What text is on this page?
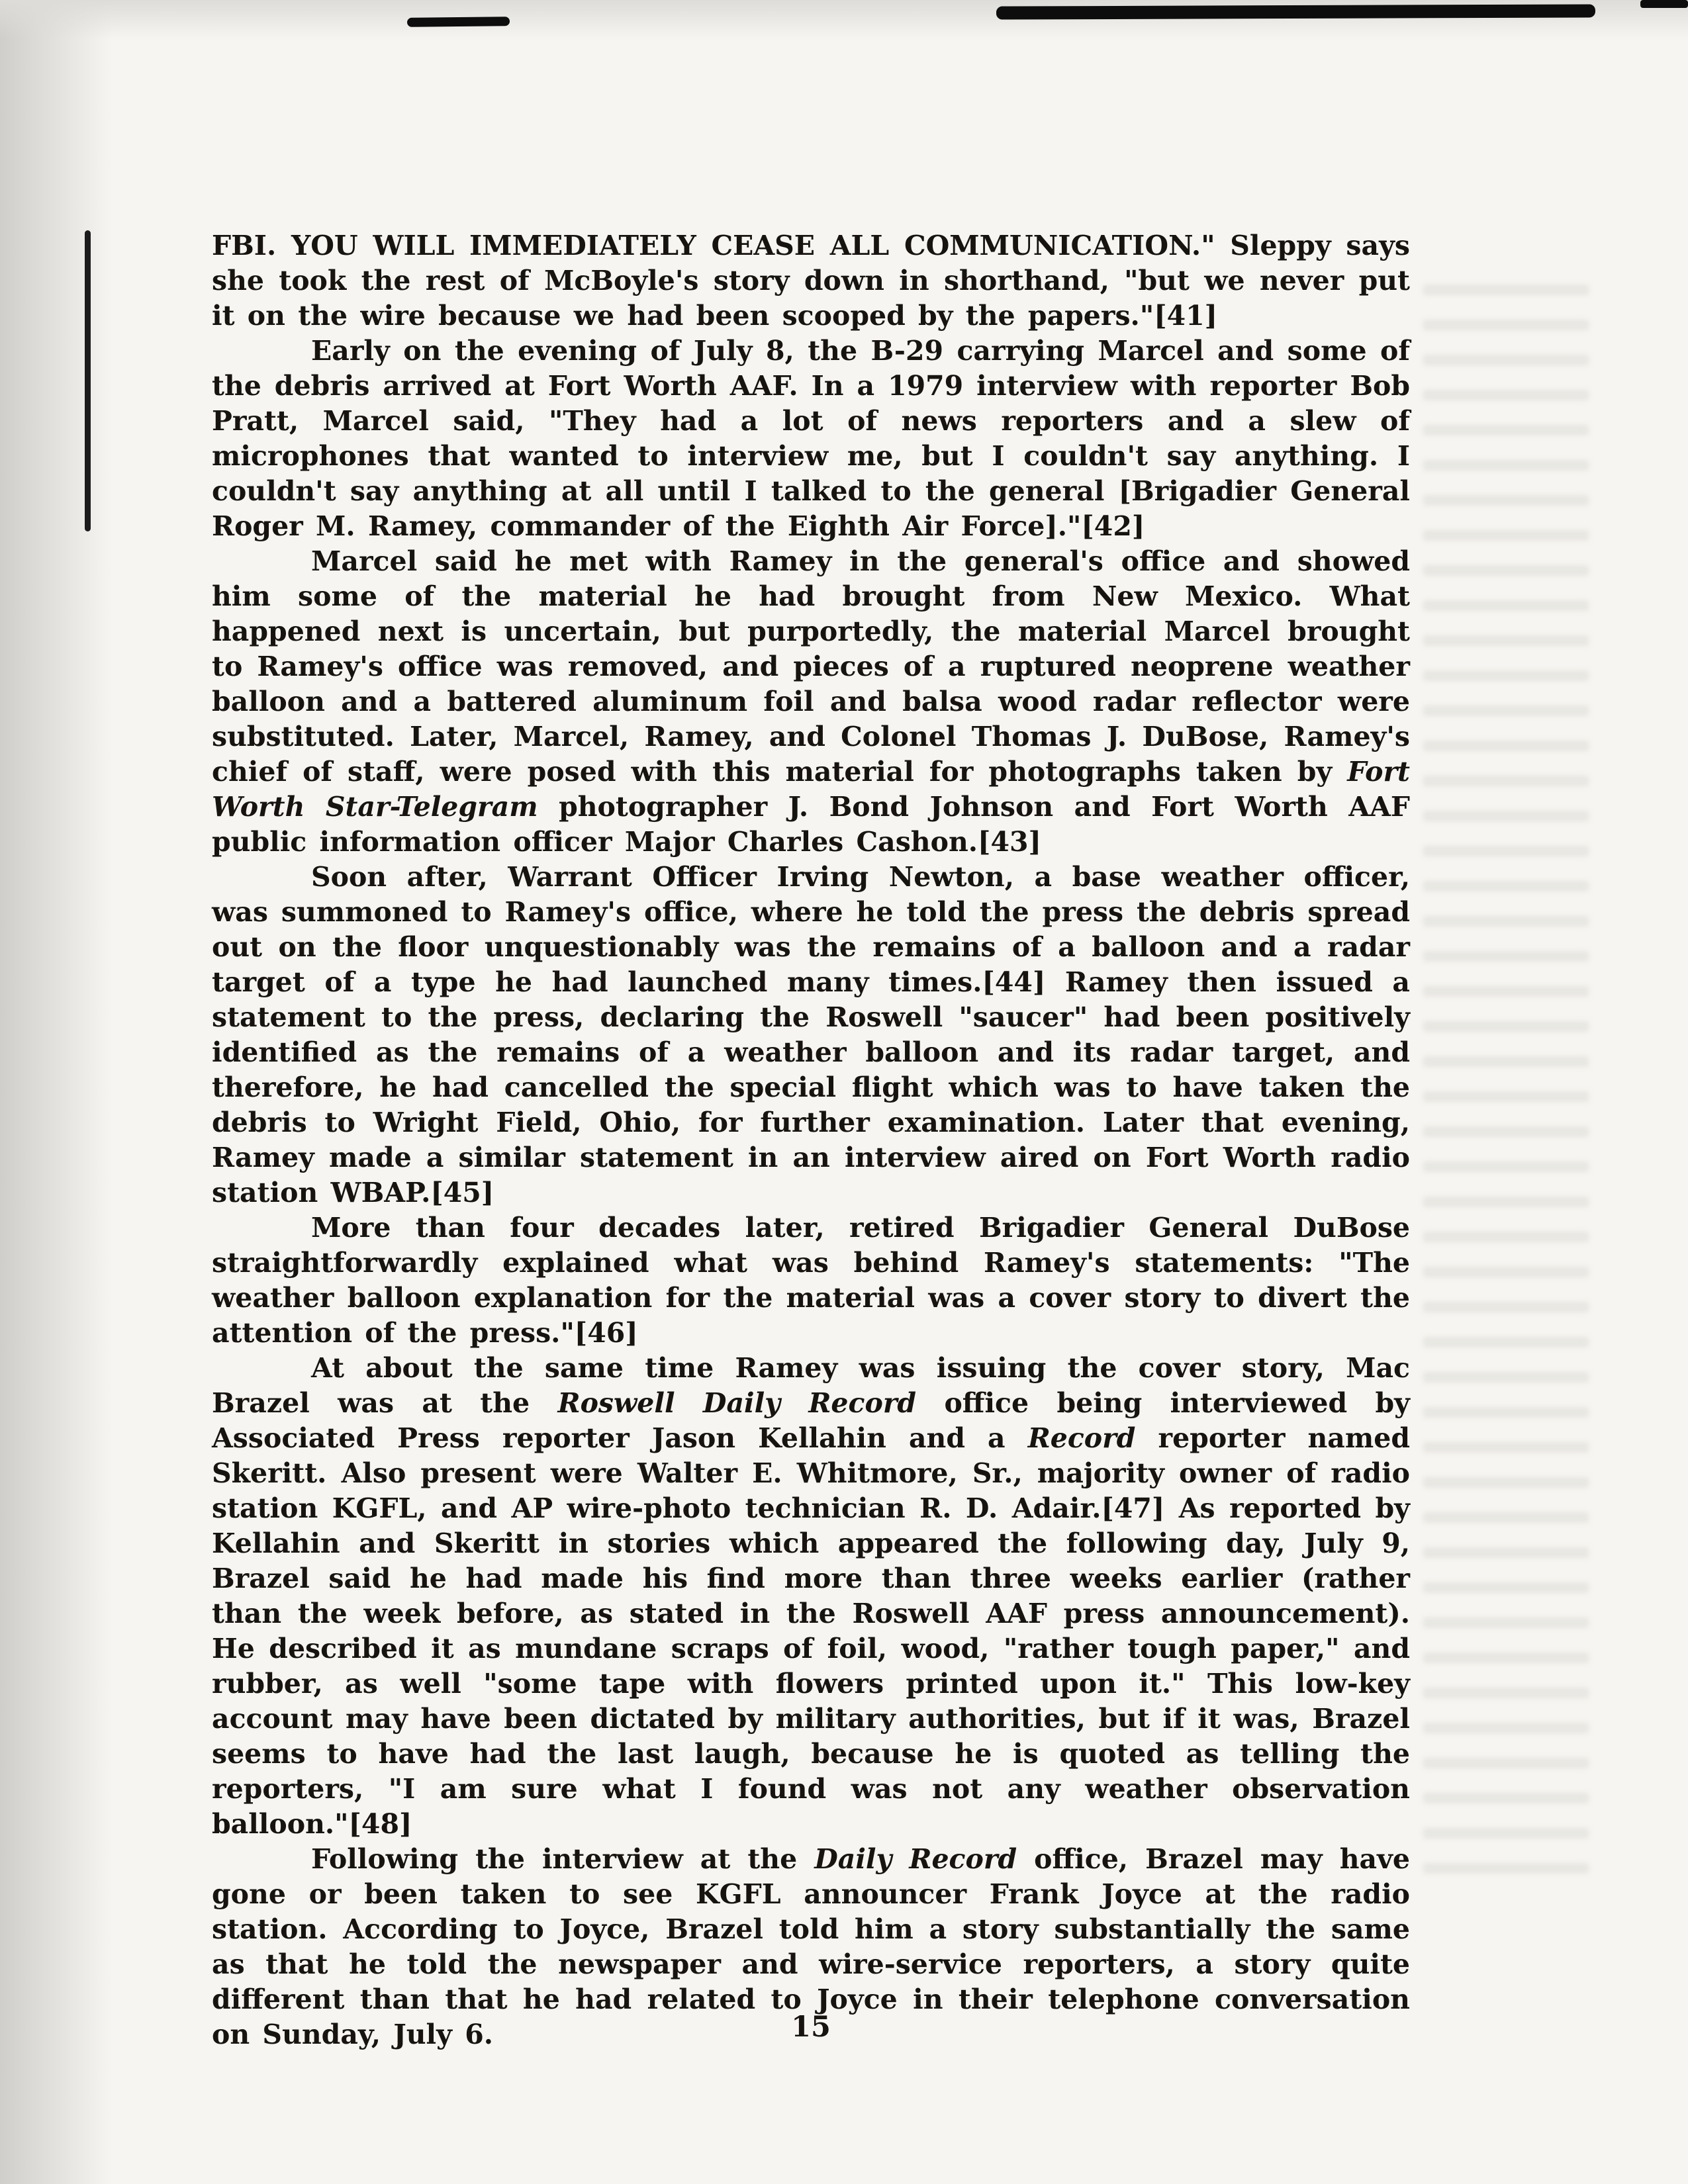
FBI. YOU WILL IMMEDIATELY CEASE ALL COMMUNICATION." Sleppy says she took the rest of McBoyle's story down in shorthand, "but we never put it on the wire because we had been scooped by the papers."[41]

Early on the evening of July 8, the B-29 carrying Marcel and some of the debris arrived at Fort Worth AAF. In a 1979 interview with reporter Bob Pratt, Marcel said, "They had a lot of news reporters and a slew of microphones that wanted to interview me, but I couldn't say anything. I couldn't say anything at all until I talked to the general [Brigadier General Roger M. Ramey, commander of the Eighth Air Force]."[42]

Marcel said he met with Ramey in the general's office and showed him some of the material he had brought from New Mexico. What happened next is uncertain, but purportedly, the material Marcel brought to Ramey's office was removed, and pieces of a ruptured neoprene weather balloon and a battered aluminum foil and balsa wood radar reflector were substituted. Later, Marcel, Ramey, and Colonel Thomas J. DuBose, Ramey's chief of staff, were posed with this material for photographs taken by Fort Worth Star-Telegram photographer J. Bond Johnson and Fort Worth AAF public information officer Major Charles Cashon.[43]

Soon after, Warrant Officer Irving Newton, a base weather officer, was summoned to Ramey's office, where he told the press the debris spread out on the floor unquestionably was the remains of a balloon and a radar target of a type he had launched many times.[44] Ramey then issued a statement to the press, declaring the Roswell "saucer" had been positively identified as the remains of a weather balloon and its radar target, and therefore, he had cancelled the special flight which was to have taken the debris to Wright Field, Ohio, for further examination. Later that evening, Ramey made a similar statement in an interview aired on Fort Worth radio station WBAP.[45]

More than four decades later, retired Brigadier General DuBose straightforwardly explained what was behind Ramey's statements: "The weather balloon explanation for the material was a cover story to divert the attention of the press."[46]

At about the same time Ramey was issuing the cover story, Mac Brazel was at the Roswell Daily Record office being interviewed by Associated Press reporter Jason Kellahin and a Record reporter named Skeritt. Also present were Walter E. Whitmore, Sr., majority owner of radio station KGFL, and AP wire-photo technician R. D. Adair.[47] As reported by Kellahin and Skeritt in stories which appeared the following day, July 9, Brazel said he had made his find more than three weeks earlier (rather than the week before, as stated in the Roswell AAF press announcement). He described it as mundane scraps of foil, wood, "rather tough paper," and rubber, as well "some tape with flowers printed upon it." This low-key account may have been dictated by military authorities, but if it was, Brazel seems to have had the last laugh, because he is quoted as telling the reporters, "I am sure what I found was not any weather observation balloon."[48]

Following the interview at the Daily Record office, Brazel may have gone or been taken to see KGFL announcer Frank Joyce at the radio station. According to Joyce, Brazel told him a story substantially the same as that he told the newspaper and wire-service reporters, a story quite different than that he had related to Joyce in their telephone conversation on Sunday, July 6.	15
